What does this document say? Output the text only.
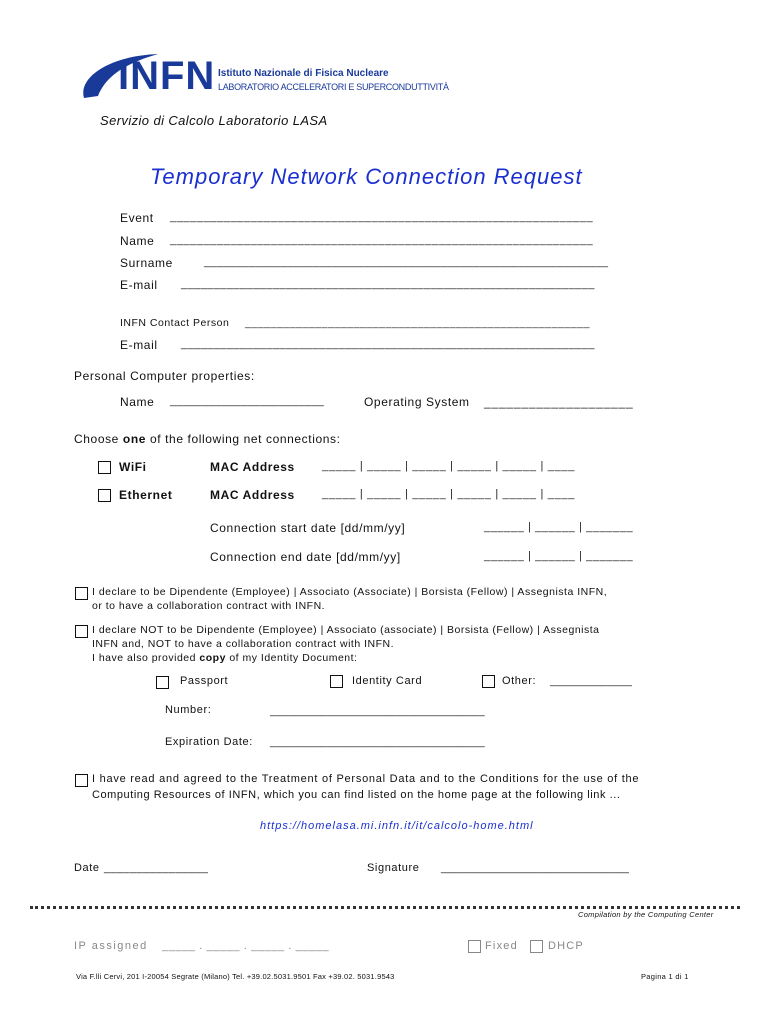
INFN Istituto Nazionale di Fisica Nucleare
LABORATORIO ACCELERATORI E SUPERCONDUTTIVITÀ
Servizio di Calcolo Laboratorio LASA
Temporary Network Connection Request
Event _______________________________________________________________
Name _______________________________________________________________
Surname	_______________________________________________________________
E-mail _______________________________________________________________
INFN Contact Person ______________________________________________________
E-mail _______________________________________________________________
Personal Computer properties:
Name ________________________	Operating System ____________________
Choose one of the following net connections:
WiFi	MAC Address _____ | _____ | _____ | _____ | _____ | ____
Ethernet	MAC Address _____ | _____ | _____ | _____ | _____ | ____
Connection start date [dd/mm/yy]	______ | ______ | _______
Connection end date [dd/mm/yy]	______ | ______ | _______
I declare to be Dipendente (Employee) | Associato (Associate) | Borsista (Fellow) | Assegnista INFN,
or to have a collaboration contract with INFN.
I declare NOT to be Dipendente (Employee) | Associato (associate) | Borsista (Fellow) | Assegnista
INFN and, NOT to have a collaboration contract with INFN.
I have also provided copy of my Identity Document:
Passport	Identity Card	Other: _____________
Number:	__________________________________
Expiration Date: __________________________________
I have read and agreed to the Treatment of Personal Data and to the Conditions for the use of the
Computing Resources of INFN, which you can find listed on the home page at the following link ...
https://homelasa.mi.infn.it/it/calcolo-home.html
Date ________________	Signature ______________________________
Compilation by the Computing Center
IP assigned _____ . _____ . _____ . _____	Fixed	DHCP
Via F.lli Cervi, 201 I-20054 Segrate (Milano) Tel. +39.02.5031.9501 Fax +39.02. 5031.9543	Pagina 1 di 1
